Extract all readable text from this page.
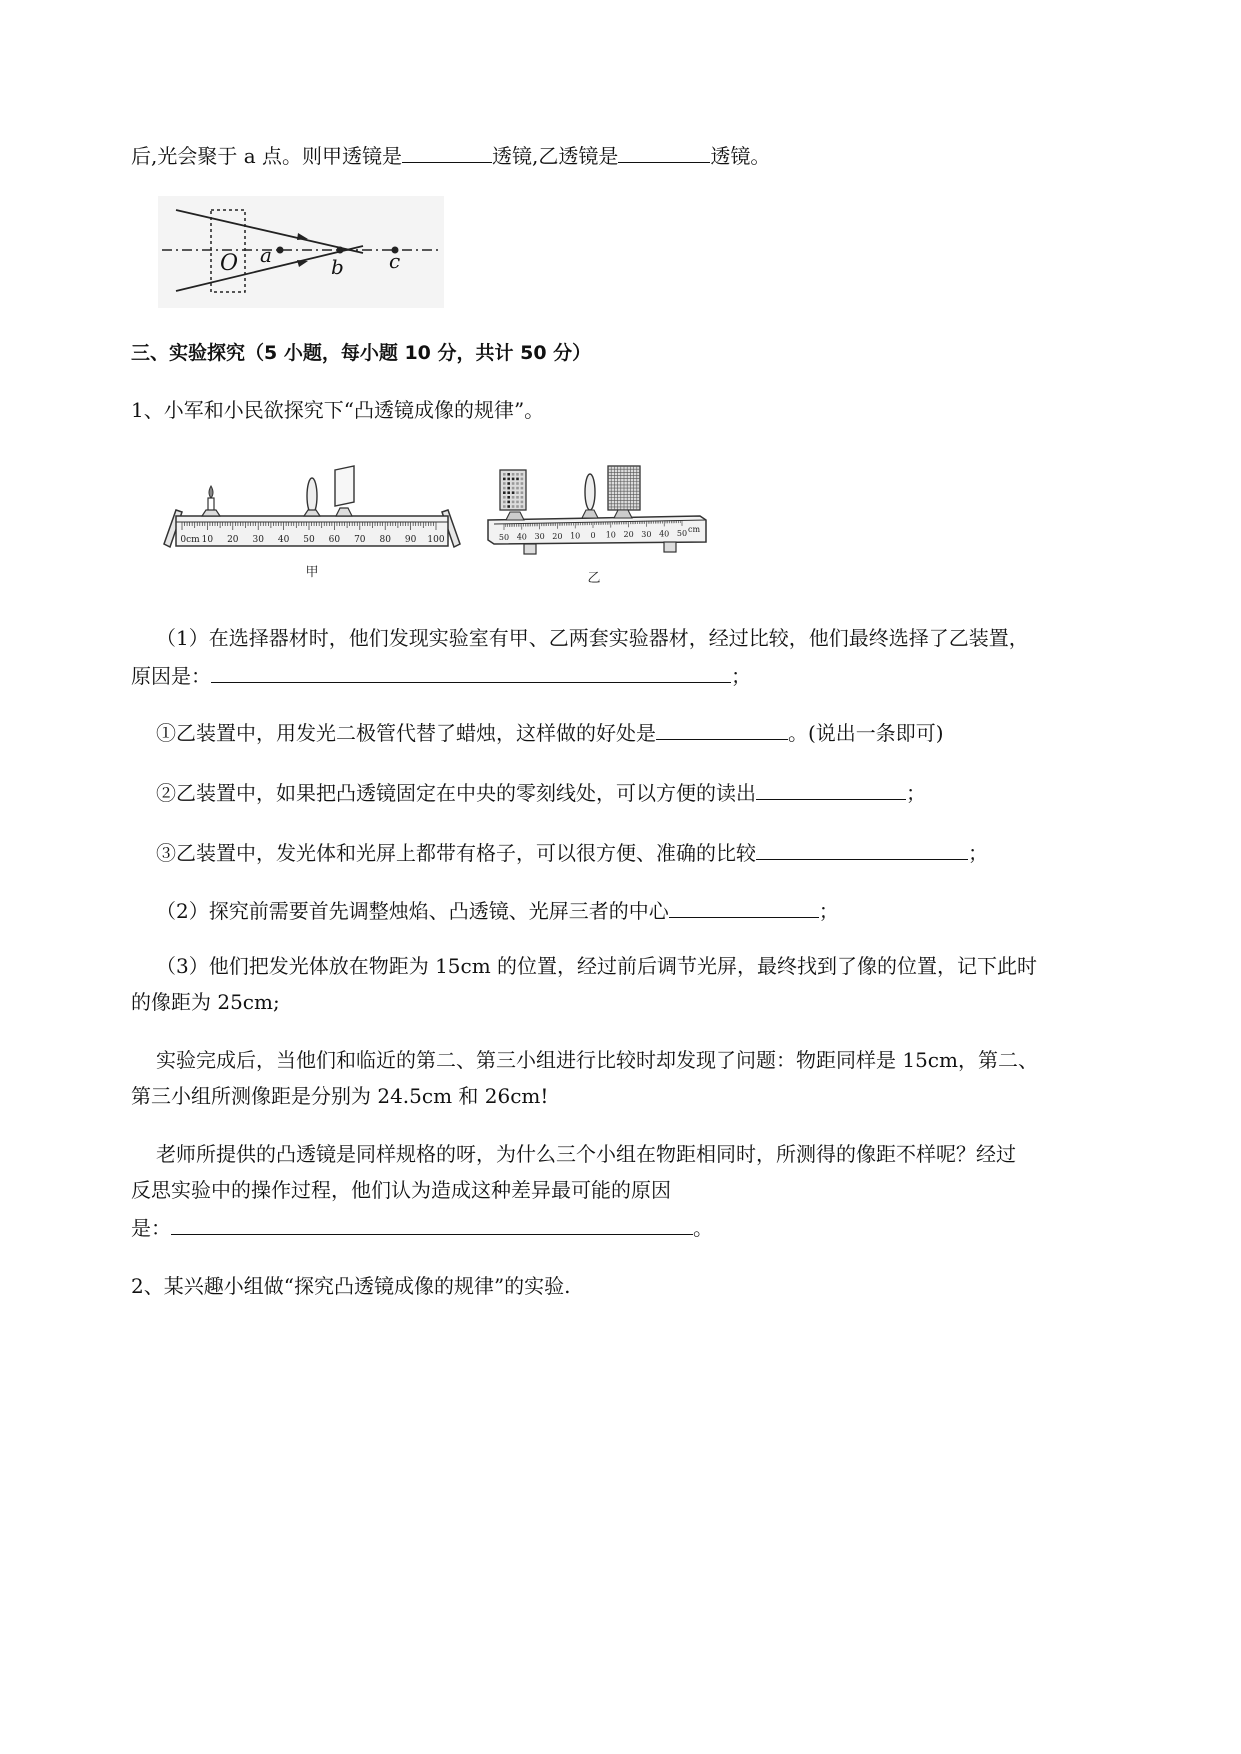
后,光会聚于 a 点。则甲透镜是	透镜,乙透镜是	透镜。
O a	b c
三、实验探究（5 小题，每小题 10 分，共计 50 分）
1、小军和小民欲探究下“凸透镜成像的规律”。
0cm 10 20 30 40 50 60 70 80 90 100
甲
50 40 30 20 10 0 10 20 30 40 50 cm
乙
（1）在选择器材时，他们发现实验室有甲、乙两套实验器材，经过比较，他们最终选择了乙装置，
原因是：	；
①乙装置中，用发光二极管代替了蜡烛，这样做的好处是	。(说出一条即可)
②乙装置中，如果把凸透镜固定在中央的零刻线处，可以方便的读出	；
③乙装置中，发光体和光屏上都带有格子，可以很方便、准确的比较	；
（2）探究前需要首先调整烛焰、凸透镜、光屏三者的中心	；
（3）他们把发光体放在物距为 15cm 的位置，经过前后调节光屏，最终找到了像的位置，记下此时
的像距为 25cm;
实验完成后，当他们和临近的第二、第三小组进行比较时却发现了问题：物距同样是 15cm，第二、
第三小组所测像距是分别为 24.5cm 和 26cm!
老师所提供的凸透镜是同样规格的呀，为什么三个小组在物距相同时，所测得的像距不样呢？经过
反思实验中的操作过程，他们认为造成这种差异最可能的原因
是：	。
2、某兴趣小组做“探究凸透镜成像的规律”的实验.
